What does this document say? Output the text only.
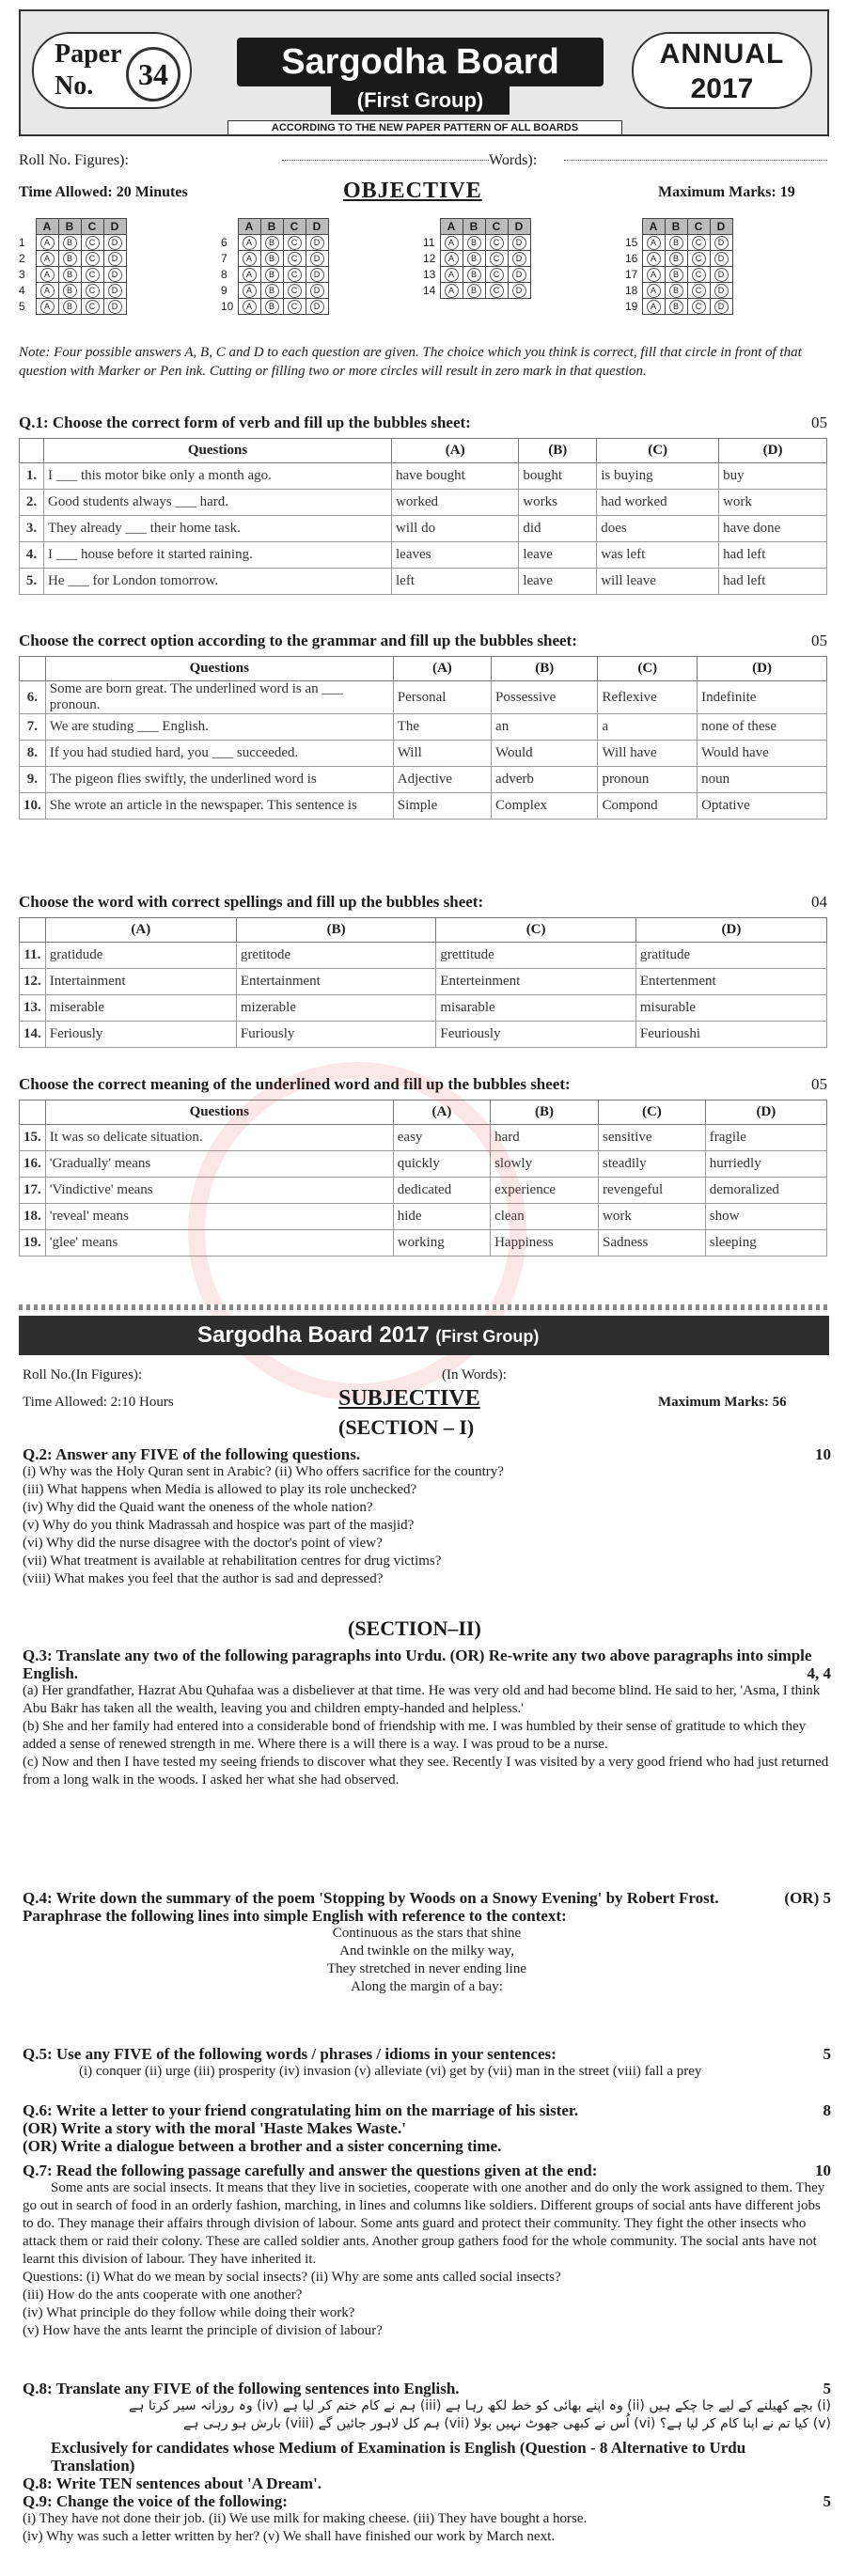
Paper
No.	34	Sargodha Board
(First Group)
ANNUAL
2017
ACCORDING TO THE NEW PAPER PATTERN OF ALL BOARDS
Roll No. Figures):	Words):
Time Allowed: 20 Minutes	OBJECTIVE	Maximum Marks: 19
	A	B	C	D
1	A	B	C	D
2	A	B	C	D
3	A	B	C	D
4	A	B	C	D
5	A	B	C	D
	A	B	C	D
6	A	B	C	D
7	A	B	C	D
8	A	B	C	D
9	A	B	C	D
10	A	B	C	D
	A	B	C	D
11	A	B	C	D
12	A	B	C	D
13	A	B	C	D
14	A	B	C	D
	A	B	C	D
15	A	B	C	D
16	A	B	C	D
17	A	B	C	D
18	A	B	C	D
19	A	B	C	D
Note: Four possible answers A, B, C and D to each question are given. The choice which you think is correct, fill that circle in front of that question with Marker or Pen ink. Cutting or filling two or more circles will result in zero mark in that question.
Q.1: Choose the correct form of verb and fill up the bubbles sheet:	05
	Questions	(A)	(B)	(C)	(D)
1.	I ___ this motor bike only a month ago.	have bought	bought	is buying	buy
2.	Good students always ___ hard.	worked	works	had worked	work
3.	They already ___ their home task.	will do	did	does	have done
4.	I ___ house before it started raining.	leaves	leave	was left	had left
5.	He ___ for London tomorrow.	left	leave	will leave	had left
Choose the correct option according to the grammar and fill up the bubbles sheet:	05
	Questions	(A)	(B)	(C)	(D)
6.	Some are born great. The underlined word is an ___ pronoun.	Personal	Possessive	Reflexive	Indefinite
7.	We are studing ___ English.	The	an	a	none of these
8.	If you had studied hard, you ___ succeeded.	Will	Would	Will have	Would have
9.	The pigeon flies swiftly, the underlined word is	Adjective	adverb	pronoun	noun
10.	She wrote an article in the newspaper. This sentence is	Simple	Complex	Compond	Optative
Choose the word with correct spellings and fill up the bubbles sheet:	04
	(A)	(B)	(C)	(D)
11.	gratidude	gretitode	grettitude	gratitude
12.	Intertainment	Entertainment	Enterteinment	Entertenment
13.	miserable	mizerable	misarable	misurable
14.	Feriously	Furiously	Feuriously	Feurioushi
Choose the correct meaning of the underlined word and fill up the bubbles sheet:	05
	Questions	(A)	(B)	(C)	(D)
15.	It was so delicate situation.	easy	hard	sensitive	fragile
16.	'Gradually' means	quickly	slowly	steadily	hurriedly
17.	'Vindictive' means	dedicated	experience	revengeful	demoralized
18.	'reveal' means	hide	clean	work	show
19.	'glee' means	working	Happiness	Sadness	sleeping
Sargodha Board 2017 (First Group)
Roll No.(In Figures):	(In Words):
Time Allowed: 2:10 Hours	SUBJECTIVE	Maximum Marks: 56
(SECTION – I)
Q.2: Answer any FIVE of the following questions.	10
(i) Why was the Holy Quran sent in Arabic? (ii) Who offers sacrifice for the country?
(iii) What happens when Media is allowed to play its role unchecked?
(iv) Why did the Quaid want the oneness of the whole nation?
(v) Why do you think Madrassah and hospice was part of the masjid?
(vi) Why did the nurse disagree with the doctor's point of view?
(vii) What treatment is available at rehabilitation centres for drug victims?
(viii) What makes you feel that the author is sad and depressed?
(SECTION–II)
Q.3: Translate any two of the following paragraphs into Urdu. (OR) Re-write any two above paragraphs into simple English.	4, 4
(a) Her grandfather, Hazrat Abu Quhafaa was a disbeliever at that time. He was very old and had become blind. He said to her, 'Asma, I think Abu Bakr has taken all the wealth, leaving you and children empty-handed and helpless.'
(b) She and her family had entered into a considerable bond of friendship with me. I was humbled by their sense of gratitude to which they added a sense of renewed strength in me. Where there is a will there is a way. I was proud to be a nurse.
(c) Now and then I have tested my seeing friends to discover what they see. Recently I was visited by a very good friend who had just returned from a long walk in the woods. I asked her what she had observed.
Q.4: Write down the summary of the poem 'Stopping by Woods on a Snowy Evening' by Robert Frost.	(OR) 5
Paraphrase the following lines into simple English with reference to the context:
Continuous as the stars that shine
And twinkle on the milky way,
They stretched in never ending line
Along the margin of a bay:
Q.5: Use any FIVE of the following words / phrases / idioms in your sentences:	5
(i) conquer (ii) urge (iii) prosperity (iv) invasion (v) alleviate (vi) get by (vii) man in the street (viii) fall a prey
Q.6: Write a letter to your friend congratulating him on the marriage of his sister.	8
(OR) Write a story with the moral 'Haste Makes Waste.'
(OR) Write a dialogue between a brother and a sister concerning time.
Q.7: Read the following passage carefully and answer the questions given at the end:	10
Some ants are social insects. It means that they live in societies, cooperate with one another and do only the work assigned to them. They go out in search of food in an orderly fashion, marching, in lines and columns like soldiers. Different groups of social ants have different jobs to do. They manage their affairs through division of labour. Some ants guard and protect their community. They fight the other insects who attack them or raid their colony. These are called soldier ants. Another group gathers food for the whole community. The social ants have not learnt this division of labour. They have inherited it.
Questions: (i) What do we mean by social insects? (ii) Why are some ants called social insects?
(iii) How do the ants cooperate with one another?
(iv) What principle do they follow while doing their work?
(v) How have the ants learnt the principle of division of labour?
Q.8: Translate any FIVE of the following sentences into English.	5
(i) بچے کھیلنے کے لیے جا چکے ہیں (ii) وہ اپنے بھائی کو خط لکھ رہا ہے (iii) ہم نے کام ختم کر لیا ہے (iv) وہ روزانہ سیر کرتا ہے
(v) کیا تم نے اپنا کام کر لیا ہے؟ (vi) اُس نے کبھی جھوٹ نہیں بولا (vii) ہم کل لاہور جائیں گے (viii) بارش ہو رہی ہے
Exclusively for candidates whose Medium of Examination is English (Question - 8 Alternative to Urdu Translation)
Q.8: Write TEN sentences about 'A Dream'.
Q.9: Change the voice of the following:	5
(i) They have not done their job. (ii) We use milk for making cheese. (iii) They have bought a horse.
(iv) Why was such a letter written by her? (v) We shall have finished our work by March next.
